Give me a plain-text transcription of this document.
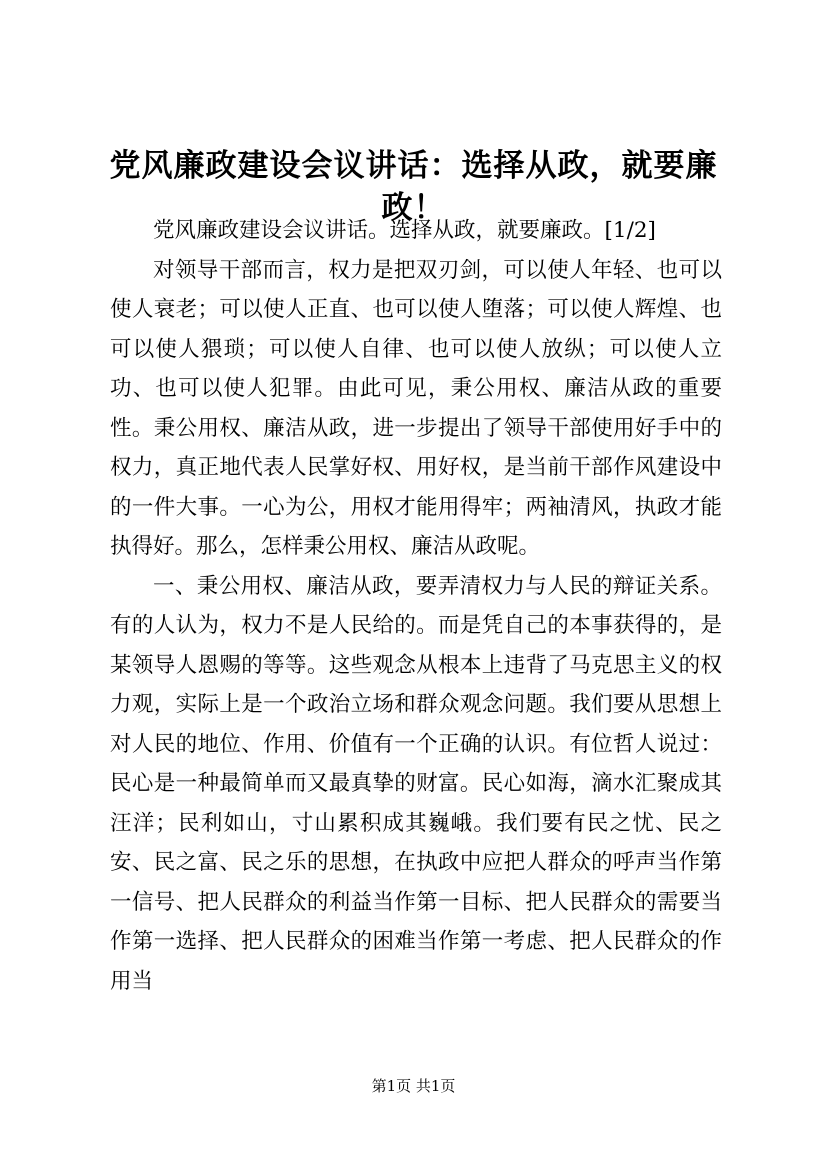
党风廉政建设会议讲话：选择从政，就要廉政！

党风廉政建设会议讲话。选择从政，就要廉政。[1/2]

对领导干部而言，权力是把双刃剑，可以使人年轻、也可以使人衰老；可以使人正直、也可以使人堕落；可以使人辉煌、也可以使人猥琐；可以使人自律、也可以使人放纵；可以使人立功、也可以使人犯罪。由此可见，秉公用权、廉洁从政的重要性。秉公用权、廉洁从政，进一步提出了领导干部使用好手中的权力，真正地代表人民掌好权、用好权，是当前干部作风建设中的一件大事。一心为公，用权才能用得牢；两袖清风，执政才能执得好。那么，怎样秉公用权、廉洁从政呢。

一、秉公用权、廉洁从政，要弄清权力与人民的辩证关系。有的人认为，权力不是人民给的。而是凭自己的本事获得的，是某领导人恩赐的等等。这些观念从根本上违背了马克思主义的权力观，实际上是一个政治立场和群众观念问题。我们要从思想上对人民的地位、作用、价值有一个正确的认识。有位哲人说过：民心是一种最简单而又最真挚的财富。民心如海，滴水汇聚成其汪洋；民利如山，寸山累积成其巍峨。我们要有民之忧、民之安、民之富、民之乐的思想，在执政中应把人群众的呼声当作第一信号、把人民群众的利益当作第一目标、把人民群众的需要当作第一选择、把人民群众的困难当作第一考虑、把人民群众的作用当

第1页 共1页
